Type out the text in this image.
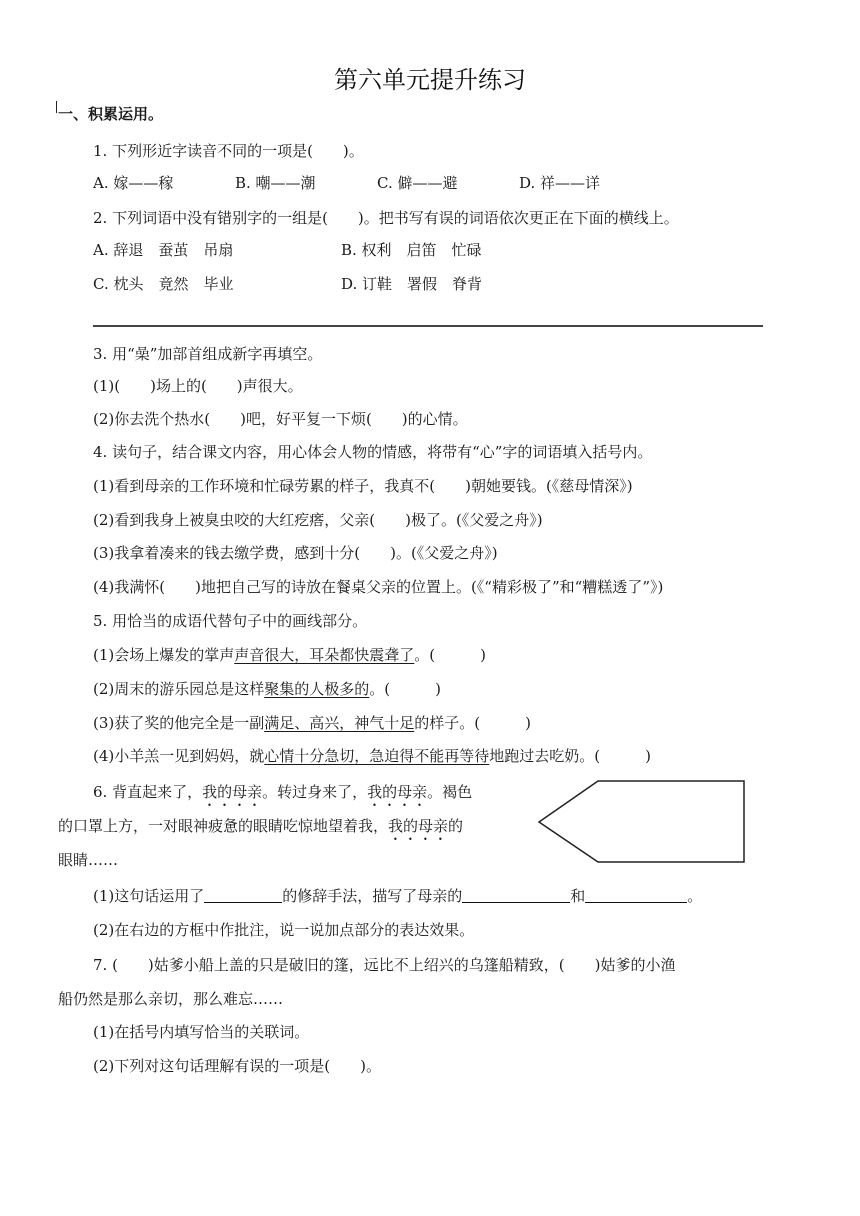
第六单元提升练习
一、积累运用。
1. 下列形近字读音不同的一项是(　　)。
A. 嫁——稼	B. 嘲——潮	C. 僻——避	D. 祥——详
2. 下列词语中没有错别字的一组是(　　)。把书写有误的词语依次更正在下面的横线上。
A. 辞退　蚕茧　吊扇	B. 权利　启笛　忙碌
C. 枕头　竟然　毕业	D. 订鞋　署假　脊背
3. 用“喿”加部首组成新字再填空。
(1)(　　)场上的(　　)声很大。
(2)你去洗个热水(　　)吧，好平复一下烦(　　)的心情。
4. 读句子，结合课文内容，用心体会人物的情感，将带有“心”字的词语填入括号内。
(1)看到母亲的工作环境和忙碌劳累的样子，我真不(　　)朝她要钱。(《慈母情深》)
(2)看到我身上被臭虫咬的大红疙瘩，父亲(　　)极了。(《父爱之舟》)
(3)我拿着凑来的钱去缴学费，感到十分(　　)。(《父爱之舟》)
(4)我满怀(　　)地把自己写的诗放在餐桌父亲的位置上。(《“精彩极了”和“糟糕透了”》)
5. 用恰当的成语代替句子中的画线部分。
(1)会场上爆发的掌声声音很大，耳朵都快震聋了。(　　　)
(2)周末的游乐园总是这样聚集的人极多的。(　　　)
(3)获了奖的他完全是一副满足、高兴，神气十足的样子。(　　　)
(4)小羊羔一见到妈妈，就心情十分急切，急迫得不能再等待地跑过去吃奶。(　　　)
6. 背直起来了，我的母亲。转过身来了，我的母亲。褐色
的口罩上方，一对眼神疲惫的眼睛吃惊地望着我，我的母亲的
眼睛……
(1)这句话运用了	的修辞手法，描写了母亲的	和	。
(2)在右边的方框中作批注，说一说加点部分的表达效果。
7. (　　)姑爹小船上盖的只是破旧的篷，远比不上绍兴的乌篷船精致，(　　)姑爹的小渔
船仍然是那么亲切，那么难忘……
(1)在括号内填写恰当的关联词。
(2)下列对这句话理解有误的一项是(　　)。
